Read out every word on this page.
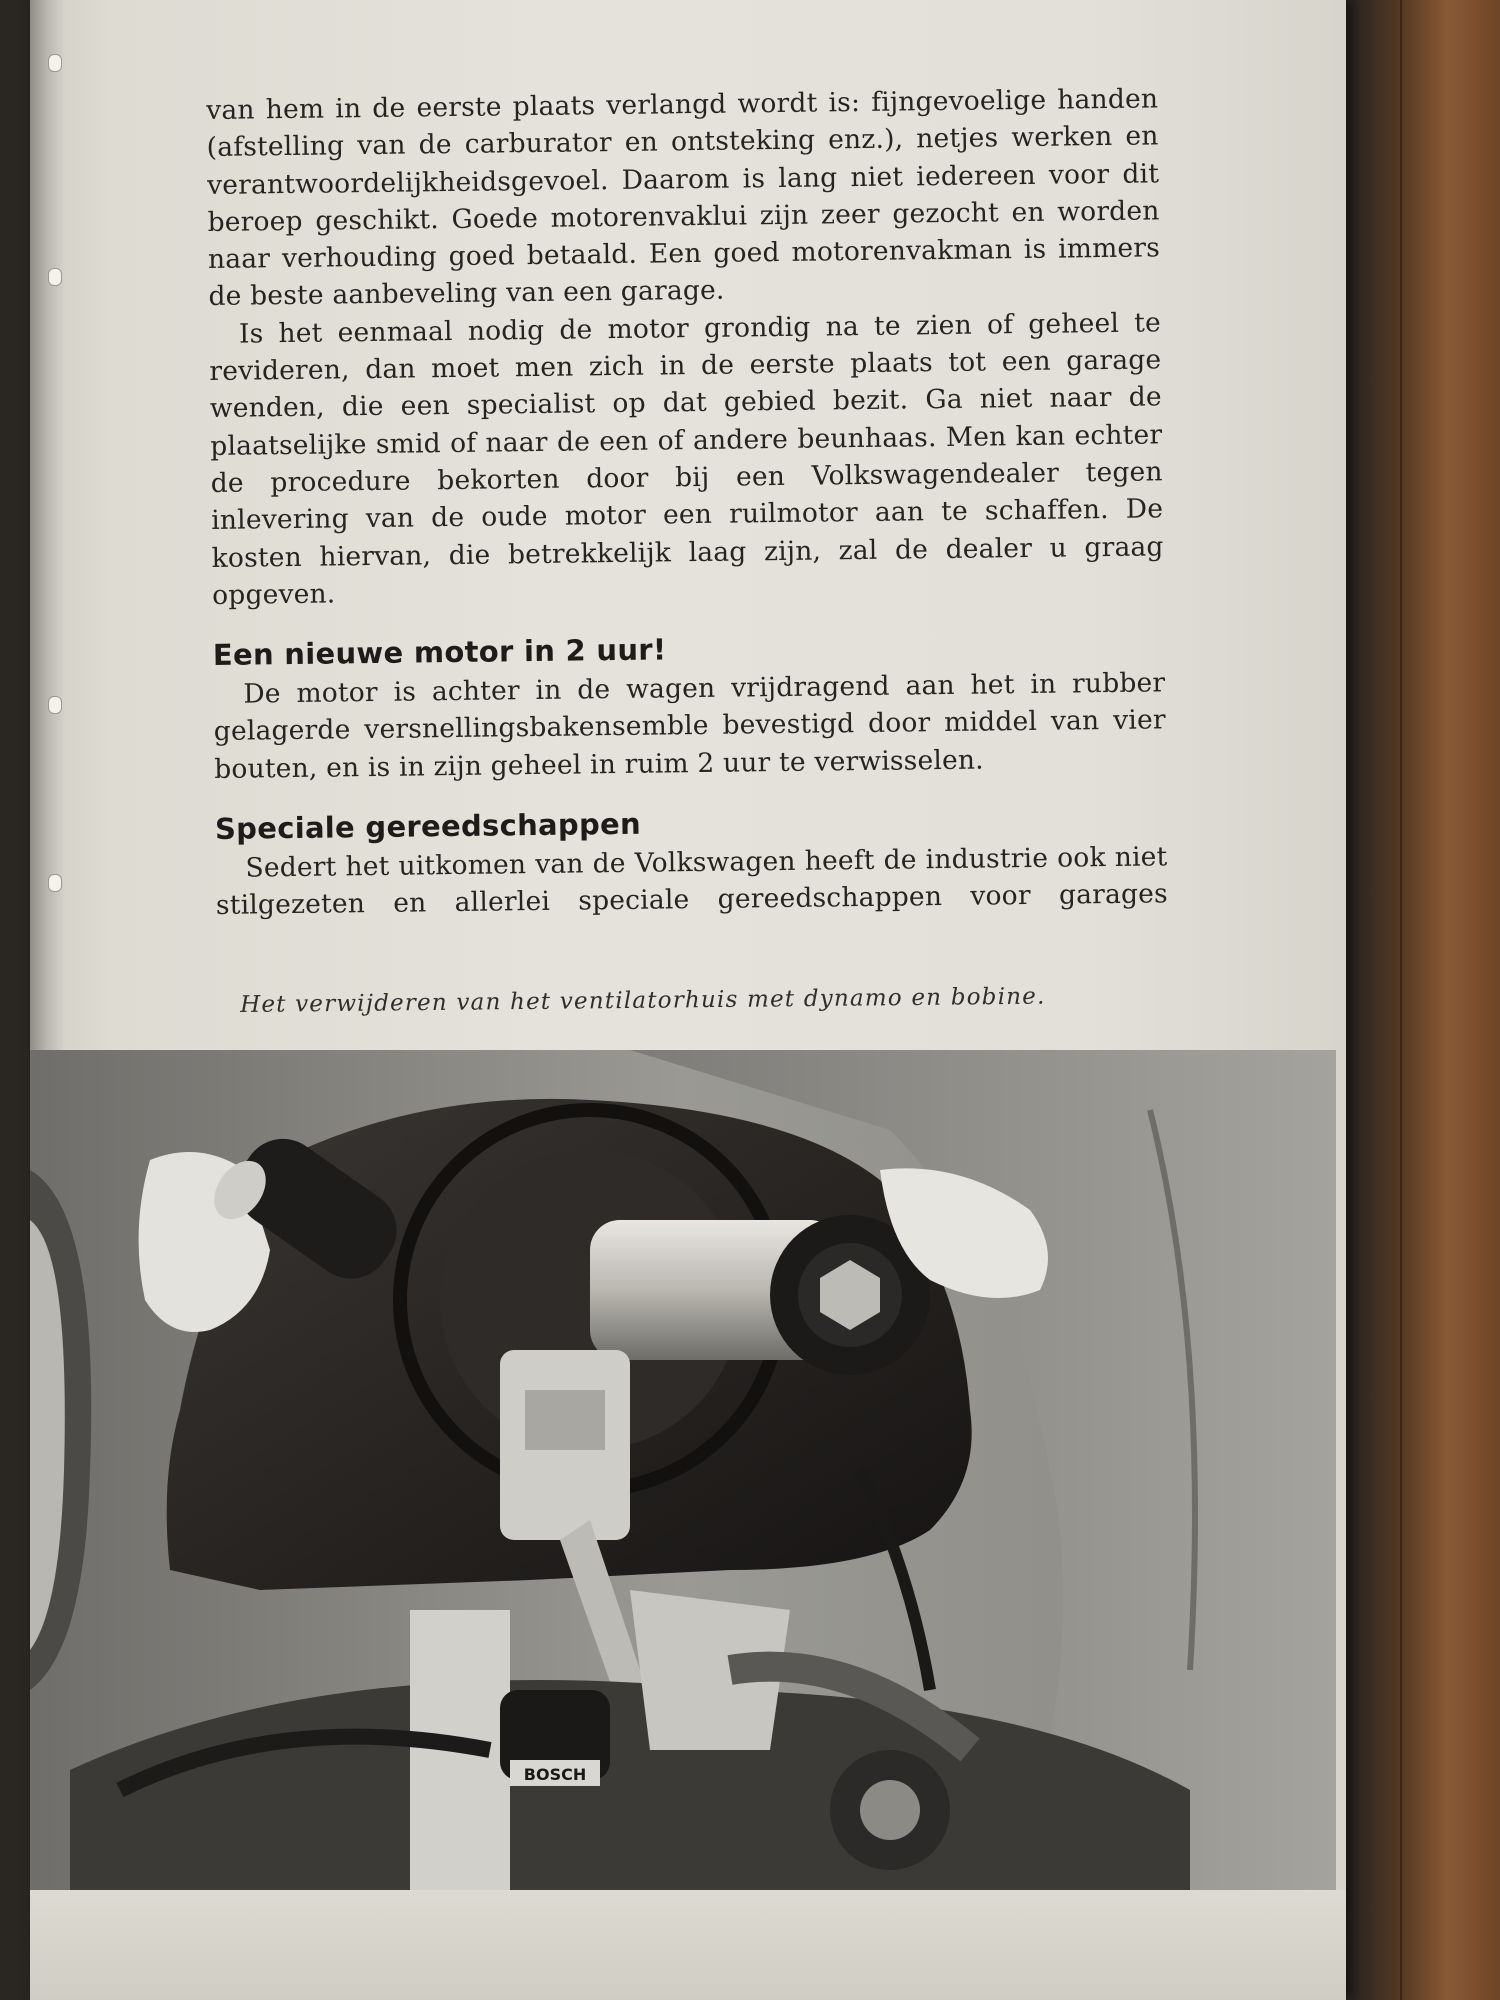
van hem in de eerste plaats verlangd wordt is: fijngevoelige handen (afstelling van de carburator en ontsteking enz.), netjes werken en verantwoordelijkheidsgevoel. Daarom is lang niet iedereen voor dit beroep geschikt. Goede motorenvaklui zijn zeer gezocht en worden naar verhouding goed betaald. Een goed motorenvakman is immers de beste aanbeveling van een garage.

Is het eenmaal nodig de motor grondig na te zien of geheel te revideren, dan moet men zich in de eerste plaats tot een garage wenden, die een specialist op dat gebied bezit. Ga niet naar de plaatselijke smid of naar de een of andere beunhaas. Men kan echter de procedure bekorten door bij een Volkswagendealer tegen inlevering van de oude motor een ruilmotor aan te schaffen. De kosten hiervan, die betrekkelijk laag zijn, zal de dealer u graag opgeven.

Een nieuwe motor in 2 uur!

De motor is achter in de wagen vrijdragend aan het in rubber gelagerde versnellingsbakensemble bevestigd door middel van vier bouten, en is in zijn geheel in ruim 2 uur te verwisselen.

Speciale gereedschappen

Sedert het uitkomen van de Volkswagen heeft de industrie ook niet stilgezeten en allerlei speciale gereedschappen voor garages

Het verwijderen van het ventilatorhuis met dynamo en bobine.
BOSCH
